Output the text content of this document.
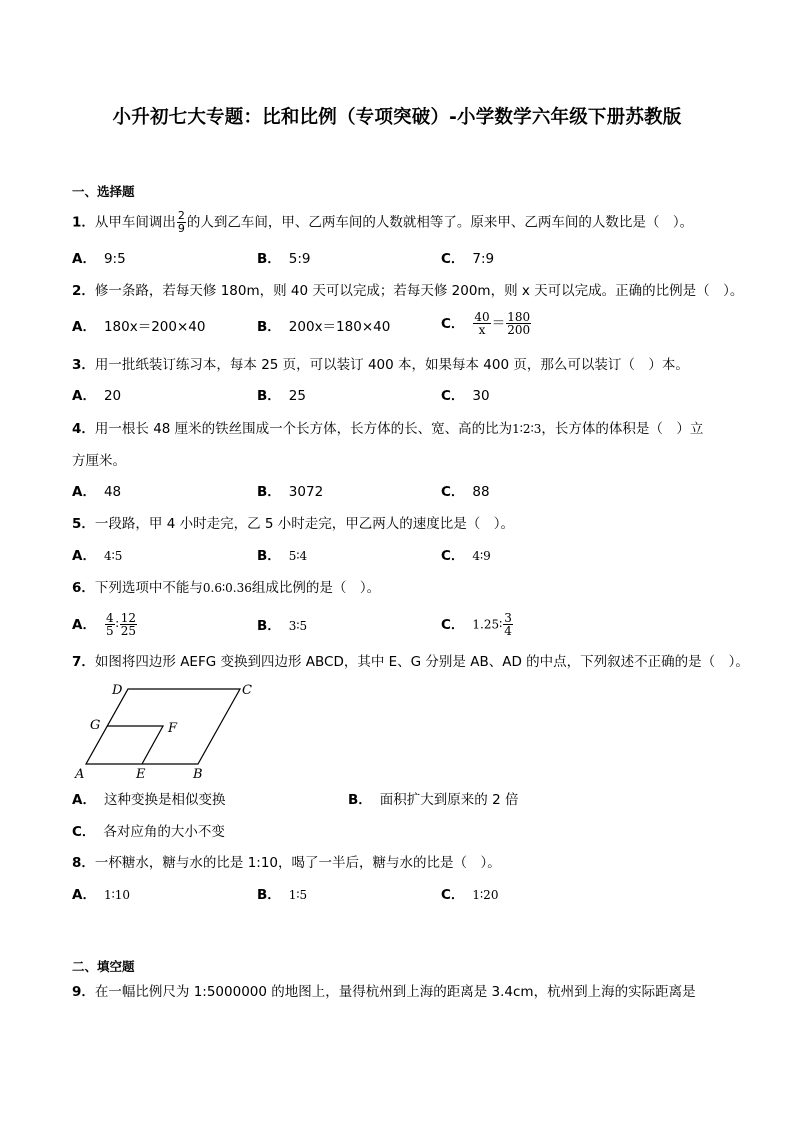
小升初七大专题：比和比例（专项突破）-小学数学六年级下册苏教版
一、选择题
1．从甲车间调出 $\frac{2}{9}$ 的人到乙车间，甲、乙两车间的人数就相等了。原来甲、乙两车间的人数比是（　）。
A． 9:5	B． 5:9	C． 7:9
2．修一条路，若每天修 180m，则 40 天可以完成；若每天修 200m，则 x 天可以完成。正确的比例是（　）。
A． 180x＝200×40	B． 200x＝180×40	C． $\frac{40}{x} = \frac{180}{200}$
3．用一批纸装订练习本，每本 25 页，可以装订 400 本，如果每本 400 页，那么可以装订（　）本。
A． 20	B． 25	C． 30
4．用一根长 48 厘米的铁丝围成一个长方体，长方体的长、宽、高的比为1∶2∶3，长方体的体积是（　）立
方厘米。
A． 48	B． 3072	C． 88
5．一段路，甲 4 小时走完，乙 5 小时走完，甲乙两人的速度比是（　）。
A． 4∶5	B． 5∶4	C． 4∶9
6．下列选项中不能与0.6∶0.36组成比例的是（　）。
A． $\frac{4}{5}$ ∶ $\frac{12}{25}$	B． 3∶5	C． 1.25∶ $\frac{3}{4}$
7．如图将四边形 AEFG 变换到四边形 ABCD，其中 E、G 分别是 AB、AD 的中点，下列叙述不正确的是（　）。
D	C
G	F
A	E	B
A． 这种变换是相似变换	B． 面积扩大到原来的 2 倍
C． 各对应角的大小不变
8．一杯糖水，糖与水的比是 1:10，喝了一半后，糖与水的比是（　）。
A． 1∶10	B． 1∶5	C． 1∶20
二、填空题
9．在一幅比例尺为 1:5000000 的地图上，量得杭州到上海的距离是 3.4cm，杭州到上海的实际距离是
